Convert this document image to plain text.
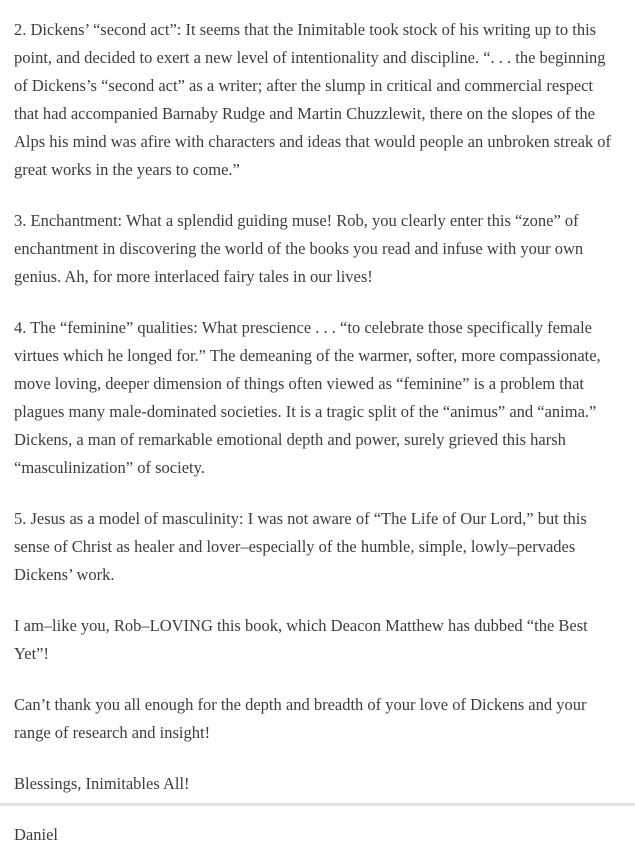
2. Dickens’ “second act”: It seems that the Inimitable took stock of his writing up to this point, and decided to exert a new level of intentionality and discipline. “. . . the beginning of Dickens’s “second act” as a writer; after the slump in critical and commercial respect that had accompanied Barnaby Rudge and Martin Chuzzlewit, there on the slopes of the Alps his mind was afire with characters and ideas that would people an unbroken streak of great works in the years to come.”

3. Enchantment: What a splendid guiding muse! Rob, you clearly enter this “zone” of enchantment in discovering the world of the books you read and infuse with your own genius. Ah, for more interlaced fairy tales in our lives!

4. The “feminine” qualities: What prescience . . . “to celebrate those specifically female virtues which he longed for.” The demeaning of the warmer, softer, more compassionate, move loving, deeper dimension of things often viewed as “feminine” is a problem that plagues many male-dominated societies. It is a tragic split of the “animus” and “anima.” Dickens, a man of remarkable emotional depth and power, surely grieved this harsh “masculinization” of society.

5. Jesus as a model of masculinity: I was not aware of “The Life of Our Lord,” but this sense of Christ as healer and lover–especially of the humble, simple, lowly–pervades Dickens’ work.

I am–like you, Rob–LOVING this book, which Deacon Matthew has dubbed “the Best Yet”!

Can’t thank you all enough for the depth and breadth of your love of Dickens and your range of research and insight!

Blessings, Inimitables All!

Daniel
